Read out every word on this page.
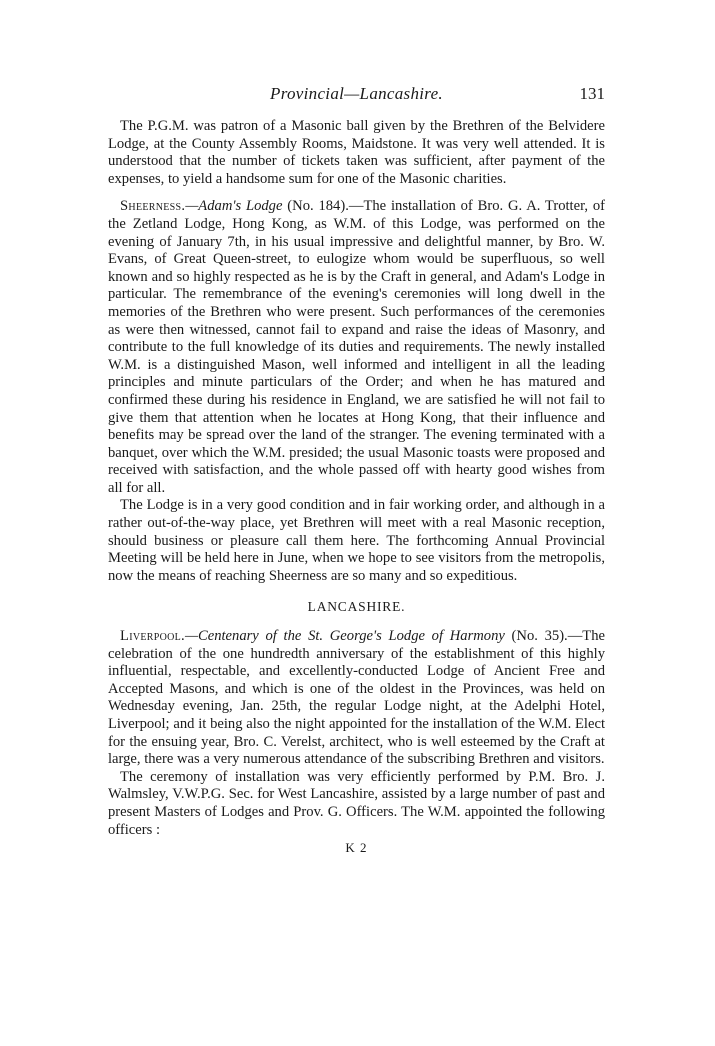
Provincial—Lancashire.	131

The P.G.M. was patron of a Masonic ball given by the Brethren of the Belvidere Lodge, at the County Assembly Rooms, Maidstone. It was very well attended. It is understood that the number of tickets taken was sufficient, after payment of the expenses, to yield a handsome sum for one of the Masonic charities.

Sheerness.—Adam's Lodge (No. 184).—The installation of Bro. G. A. Trotter, of the Zetland Lodge, Hong Kong, as W.M. of this Lodge, was performed on the evening of January 7th, in his usual impressive and delightful manner, by Bro. W. Evans, of Great Queen-street, to eulogize whom would be superfluous, so well known and so highly respected as he is by the Craft in general, and Adam's Lodge in particular. The remembrance of the evening's ceremonies will long dwell in the memories of the Brethren who were present. Such performances of the ceremonies as were then witnessed, cannot fail to expand and raise the ideas of Masonry, and contribute to the full knowledge of its duties and requirements. The newly installed W.M. is a distinguished Mason, well informed and intelligent in all the leading principles and minute particulars of the Order; and when he has matured and confirmed these during his residence in England, we are satisfied he will not fail to give them that attention when he locates at Hong Kong, that their influence and benefits may be spread over the land of the stranger. The evening terminated with a banquet, over which the W.M. presided; the usual Masonic toasts were proposed and received with satisfaction, and the whole passed off with hearty good wishes from all for all.

The Lodge is in a very good condition and in fair working order, and although in a rather out-of-the-way place, yet Brethren will meet with a real Masonic reception, should business or pleasure call them here. The forthcoming Annual Provincial Meeting will be held here in June, when we hope to see visitors from the metropolis, now the means of reaching Sheerness are so many and so expeditious.

LANCASHIRE.

Liverpool.—Centenary of the St. George's Lodge of Harmony (No. 35).—The celebration of the one hundredth anniversary of the establishment of this highly influential, respectable, and excellently-conducted Lodge of Ancient Free and Accepted Masons, and which is one of the oldest in the Provinces, was held on Wednesday evening, Jan. 25th, the regular Lodge night, at the Adelphi Hotel, Liverpool; and it being also the night appointed for the installation of the W.M. Elect for the ensuing year, Bro. C. Verelst, architect, who is well esteemed by the Craft at large, there was a very numerous attendance of the subscribing Brethren and visitors.

The ceremony of installation was very efficiently performed by P.M. Bro. J. Walmsley, V.W.P.G. Sec. for West Lancashire, assisted by a large number of past and present Masters of Lodges and Prov. G. Officers. The W.M. appointed the following officers :

K 2
